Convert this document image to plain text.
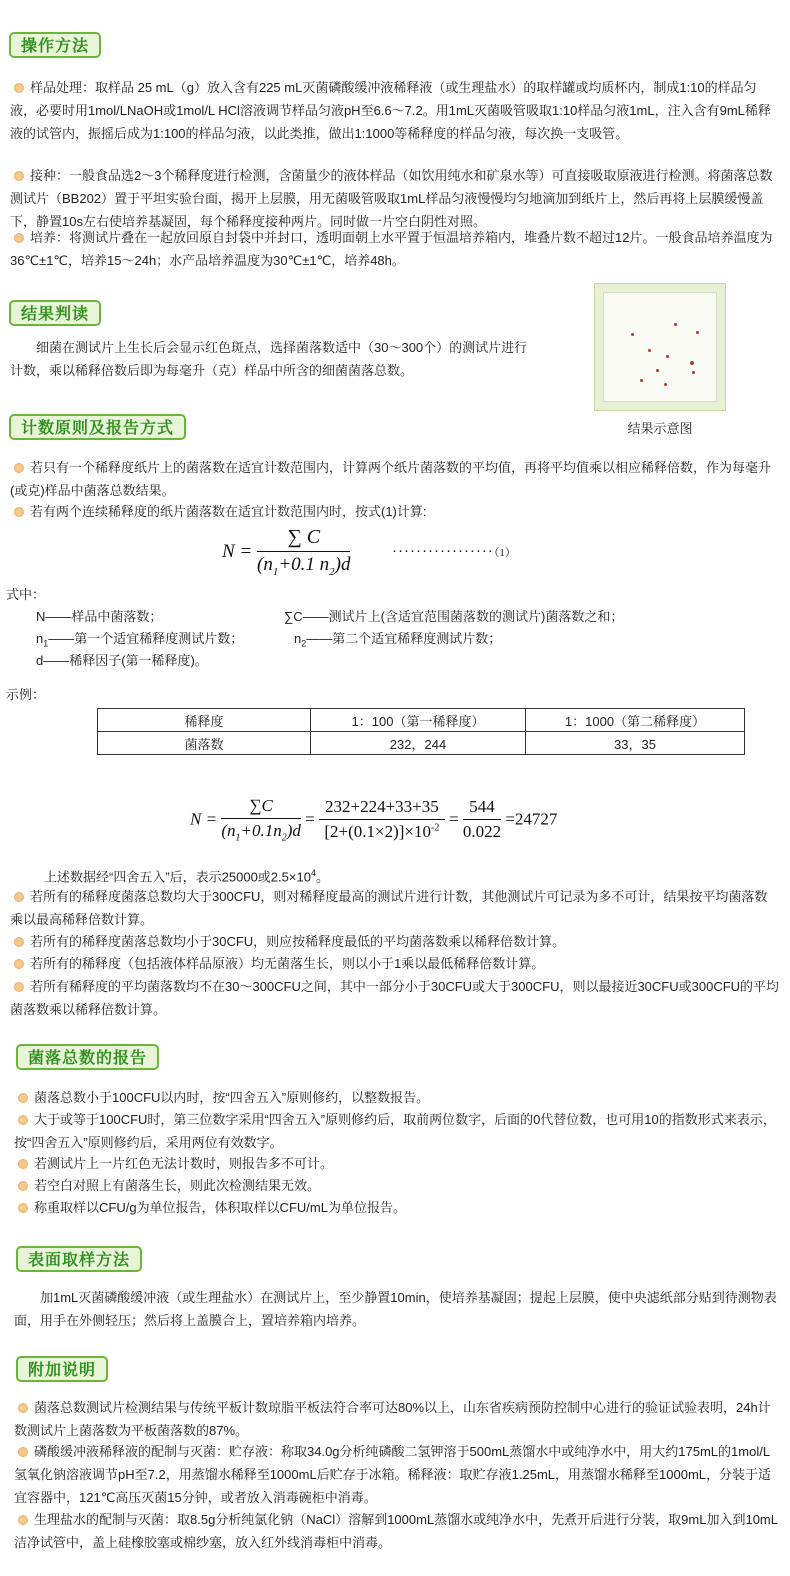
操作方法

样品处理：取样品 25 mL（g）放入含有225 mL灭菌磷酸缓冲液稀释液（或生理盐水）的取样罐或均质杯内，制成1:10的样品匀液，必要时用1mol/LNaOH或1mol/L HCl溶液调节样品匀液pH至6.6～7.2。用1mL灭菌吸管吸取1:10样品匀液1mL，注入含有9mL稀释液的试管内，振摇后成为1:100的样品匀液，以此类推，做出1:1000等稀释度的样品匀液，每次换一支吸管。

接种：一般食品选2～3个稀释度进行检测，含菌量少的液体样品（如饮用纯水和矿泉水等）可直接吸取原液进行检测。将菌落总数测试片（BB202）置于平坦实验台面，揭开上层膜，用无菌吸管吸取1mL样品匀液慢慢均匀地滴加到纸片上，然后再将上层膜缓慢盖下，静置10s左右使培养基凝固，每个稀释度接种两片。同时做一片空白阴性对照。

培养：将测试片叠在一起放回原自封袋中并封口，透明面朝上水平置于恒温培养箱内，堆叠片数不超过12片。一般食品培养温度为36℃±1℃，培养15～24h；水产品培养温度为30℃±1℃，培养48h。

结果判读

细菌在测试片上生长后会显示红色斑点，选择菌落数适中（30～300个）的测试片进行计数，乘以稀释倍数后即为每毫升（克）样品中所含的细菌菌落总数。

结果示意图
计数原则及报告方式

若只有一个稀释度纸片上的菌落数在适宜计数范围内，计算两个纸片菌落数的平均值，再将平均值乘以相应稀释倍数，作为每毫升(或克)样品中菌落总数结果。

若有两个连续稀释度的纸片菌落数在适宜计数范围内时，按式(1)计算:

$N = \frac{\sum C}{(n_1+0.1 n_2)d}$	·················（1）
式中：
N——样品中菌落数；	∑C——测试片上(含适宜范围菌落数的测试片)菌落数之和；
$n_1——$第一个适宜稀释度测试片数；	$n_2——$第二个适宜稀释度测试片数；
d——稀释因子(第一稀释度)。
示例：
稀释度	1：100（第一稀释度）	1：1000（第二稀释度）
菌落数	232，244	33，35
$N = \frac{\sum C}{(n_1+0.1n_2)d} = \frac{232+224+33+35}{[2+(0.1\times 2)]\times 10^{-2}} = \frac{544}{0.022} =24727$

上述数据经“四舍五入”后，表示25000或$2.5\times 10^4$。

若所有的稀释度菌落总数均大于300CFU，则对稀释度最高的测试片进行计数，其他测试片可记录为多不可计，结果按平均菌落数乘以最高稀释倍数计算。

若所有的稀释度菌落总数均小于30CFU，则应按稀释度最低的平均菌落数乘以稀释倍数计算。

若所有的稀释度（包括液体样品原液）均无菌落生长，则以小于1乘以最低稀释倍数计算。

若所有稀释度的平均菌落数均不在30～300CFU之间，其中一部分小于30CFU或大于300CFU，则以最接近30CFU或300CFU的平均菌落数乘以稀释倍数计算。

菌落总数的报告

菌落总数小于100CFU以内时，按“四舍五入”原则修约，以整数报告。

大于或等于100CFU时，第三位数字采用“四舍五入”原则修约后，取前两位数字，后面的0代替位数，也可用10的指数形式来表示，按“四舍五入”原则修约后，采用两位有效数字。

若测试片上一片红色无法计数时，则报告多不可计。

若空白对照上有菌落生长，则此次检测结果无效。

称重取样以CFU/g为单位报告，体积取样以CFU/mL为单位报告。

表面取样方法

加1mL灭菌磷酸缓冲液（或生理盐水）在测试片上，至少静置10min，使培养基凝固；提起上层膜，使中央滤纸部分贴到待测物表面，用手在外侧轻压；然后将上盖膜合上，置培养箱内培养。

附加说明

菌落总数测试片检测结果与传统平板计数琼脂平板法符合率可达80%以上，山东省疾病预防控制中心进行的验证试验表明，24h计数测试片上菌落数为平板菌落数的87%。

磷酸缓冲液稀释液的配制与灭菌：贮存液：称取34.0g分析纯磷酸二氢钾溶于500mL蒸馏水中或纯净水中，用大约175mL的1mol/L氢氧化钠溶液调节pH至7.2，用蒸馏水稀释至1000mL后贮存于冰箱。稀释液：取贮存液1.25mL，用蒸馏水稀释至1000mL，分装于适宜容器中，121℃高压灭菌15分钟，或者放入消毒碗柜中消毒。

生理盐水的配制与灭菌：取8.5g分析纯氯化钠（NaCl）溶解到1000mL蒸馏水或纯净水中，先煮开后进行分装，取9mL加入到10mL洁净试管中，盖上硅橡胶塞或棉纱塞，放入红外线消毒柜中消毒。
